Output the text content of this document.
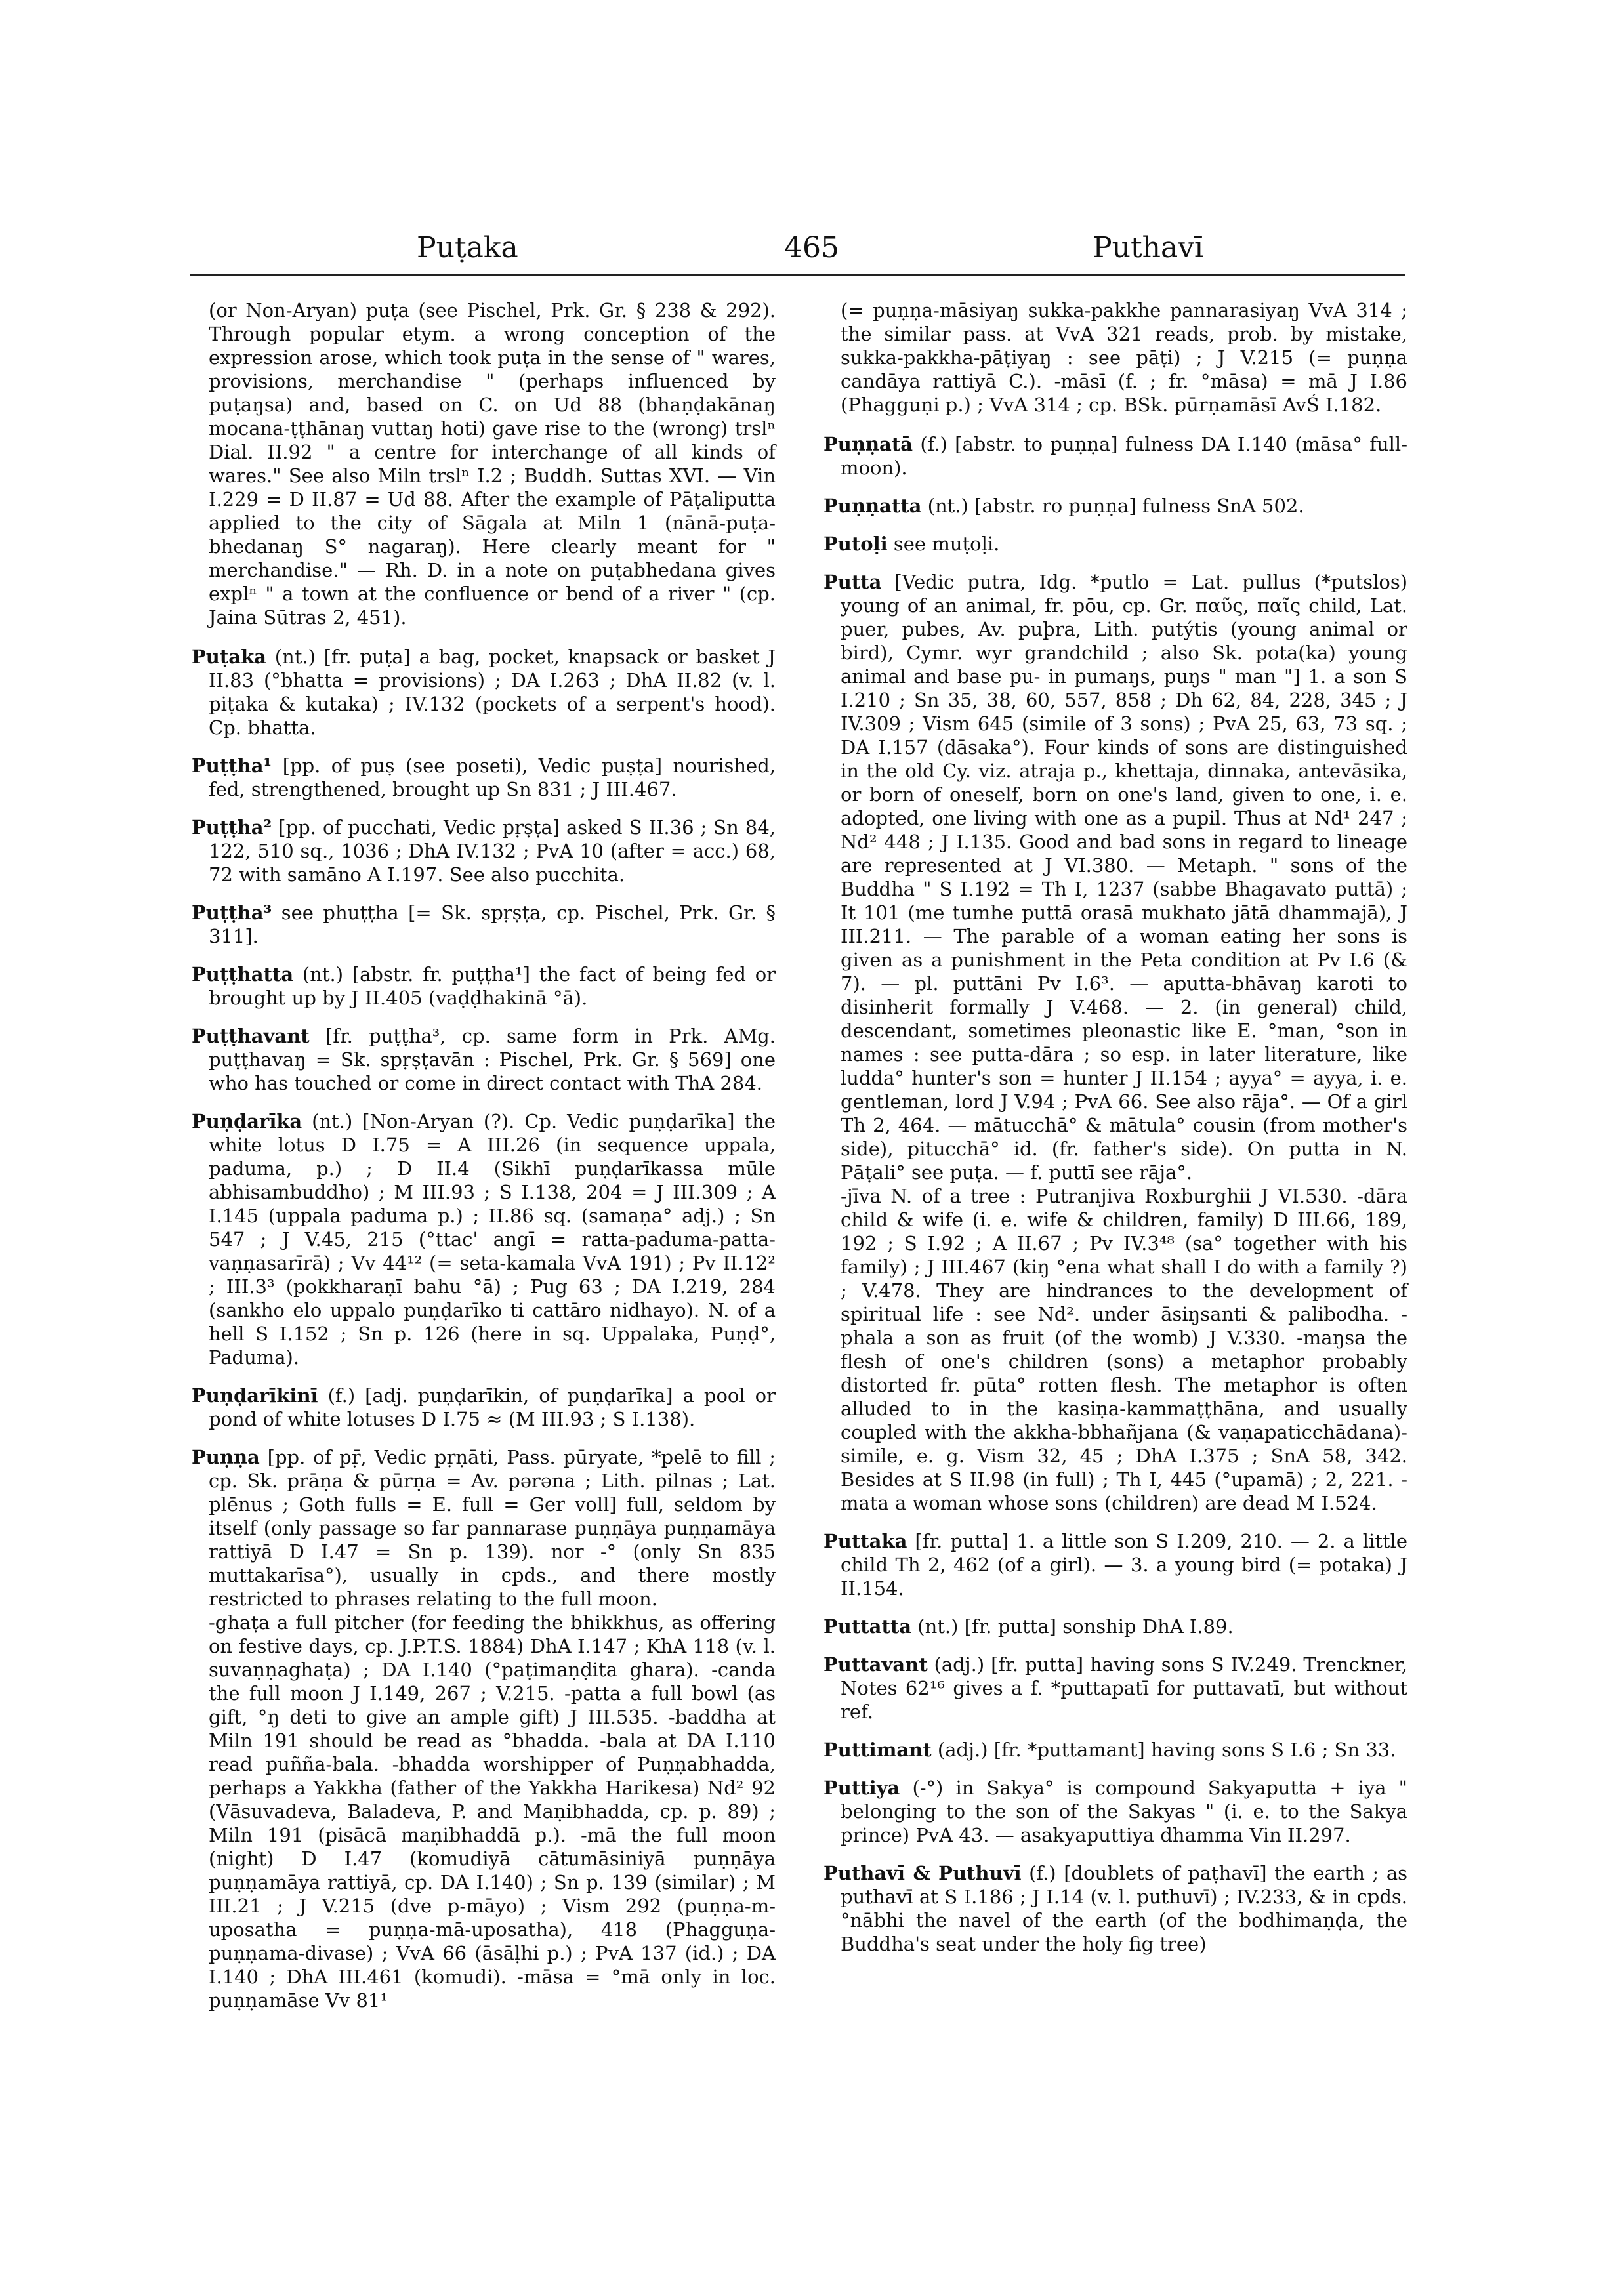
Puṭaka	465	Puthavī
(or Non-Aryan) puṭa (see Pischel, Prk. Gr. § 238 & 292). Through popular etym. a wrong conception of the expression arose, which took puṭa in the sense of " wares, provisions, merchandise " (perhaps influenced by puṭaŋsa) and, based on C. on Ud 88 (bhaṇḍakānaŋ mocana-ṭṭhānaŋ vuttaŋ hoti) gave rise to the (wrong) trslⁿ Dial. II.92 " a centre for interchange of all kinds of wares." See also Miln trslⁿ I.2 ; Buddh. Suttas XVI. — Vin I.229 = D II.87 = Ud 88. After the example of Pāṭaliputta applied to the city of Sāgala at Miln 1 (nānā-puṭa-bhedanaŋ S° nagaraŋ). Here clearly meant for " merchandise." — Rh. D. in a note on puṭabhedana gives explⁿ " a town at the confluence or bend of a river " (cp. Jaina Sūtras 2, 451).

Puṭaka (nt.) [fr. puṭa] a bag, pocket, knapsack or basket J II.83 (°bhatta = provisions) ; DA I.263 ; DhA II.82 (v. l. piṭaka & kutaka) ; IV.132 (pockets of a serpent's hood). Cp. bhatta.

Puṭṭha¹ [pp. of puṣ (see poseti), Vedic puṣṭa] nourished, fed, strengthened, brought up Sn 831 ; J III.467.

Puṭṭha² [pp. of pucchati, Vedic pṛṣṭa] asked S II.36 ; Sn 84, 122, 510 sq., 1036 ; DhA IV.132 ; PvA 10 (after = acc.) 68, 72 with samāno A I.197. See also pucchita.

Puṭṭha³ see phuṭṭha [= Sk. spṛṣṭa, cp. Pischel, Prk. Gr. § 311].

Puṭṭhatta (nt.) [abstr. fr. puṭṭha¹] the fact of being fed or brought up by J II.405 (vaḍḍhakinā °ā).

Puṭṭhavant [fr. puṭṭha³, cp. same form in Prk. AMg. puṭṭhavaŋ = Sk. spṛṣṭavān : Pischel, Prk. Gr. § 569] one who has touched or come in direct contact with ThA 284.

Puṇḍarīka (nt.) [Non-Aryan (?). Cp. Vedic puṇḍarīka] the white lotus D I.75 = A III.26 (in sequence uppala, paduma, p.) ; D II.4 (Sikhī puṇḍarīkassa mūle abhisambuddho) ; M III.93 ; S I.138, 204 = J III.309 ; A I.145 (uppala paduma p.) ; II.86 sq. (samaṇa° adj.) ; Sn 547 ; J V.45, 215 (°ttac' angī = ratta-paduma-patta-vaṇṇasarīrā) ; Vv 44¹² (= seta-kamala VvA 191) ; Pv II.12² ; III.3³ (pokkharaṇī bahu °ā) ; Pug 63 ; DA I.219, 284 (sankho elo uppalo puṇḍarīko ti cattāro nidhayo). N. of a hell S I.152 ; Sn p. 126 (here in sq. Uppalaka, Puṇḍ°, Paduma).

Puṇḍarīkinī (f.) [adj. puṇḍarīkin, of puṇḍarīka] a pool or pond of white lotuses D I.75 ≈ (M III.93 ; S I.138).

Puṇṇa [pp. of pṝ, Vedic pṛṇāti, Pass. pūryate, *pelē to fill ; cp. Sk. prāṇa & pūrṇa = Av. pərəna ; Lith. pilnas ; Lat. plēnus ; Goth fulls = E. full = Ger voll] full, seldom by itself (only passage so far pannarase puṇṇāya puṇṇamāya rattiyā D I.47 = Sn p. 139). nor -° (only Sn 835 muttakarīsa°), usually in cpds., and there mostly restricted to phrases relating to the full moon.

-ghaṭa a full pitcher (for feeding the bhikkhus, as offering on festive days, cp. J.P.T.S. 1884) DhA I.147 ; KhA 118 (v. l. suvaṇṇaghaṭa) ; DA I.140 (°paṭimaṇḍita ghara). -canda the full moon J I.149, 267 ; V.215. -patta a full bowl (as gift, °ŋ deti to give an ample gift) J III.535. -baddha at Miln 191 should be read as °bhadda. -bala at DA I.110 read puñña-bala. -bhadda worshipper of Puṇṇabhadda, perhaps a Yakkha (father of the Yakkha Harikesa) Nd² 92 (Vāsuvadeva, Baladeva, P. and Maṇibhadda, cp. p. 89) ; Miln 191 (pisācā maṇibhaddā p.). -mā the full moon (night) D I.47 (komudiyā cātumāsiniyā puṇṇāya puṇṇamāya rattiyā, cp. DA I.140) ; Sn p. 139 (similar) ; M III.21 ; J V.215 (dve p-māyo) ; Vism 292 (puṇṇa-m-uposatha = puṇṇa-mā-uposatha), 418 (Phagguṇa-puṇṇama-divase) ; VvA 66 (āsāḷhi p.) ; PvA 137 (id.) ; DA I.140 ; DhA III.461 (komudi). -māsa = °mā only in loc. puṇṇamāse Vv 81¹

(= puṇṇa-māsiyaŋ sukka-pakkhe pannarasiyaŋ VvA 314 ; the similar pass. at VvA 321 reads, prob. by mistake, sukka-pakkha-pāṭiyaŋ : see pāṭi) ; J V.215 (= puṇṇa candāya rattiyā C.). -māsī (f. ; fr. °māsa) = mā J I.86 (Phagguṇi p.) ; VvA 314 ; cp. BSk. pūrṇamāsī AvŚ I.182.

Puṇṇatā (f.) [abstr. to puṇṇa] fulness DA I.140 (māsa° full-moon).

Puṇṇatta (nt.) [abstr. ro puṇṇa] fulness SnA 502.

Putoḷi see muṭoḷi.

Putta [Vedic putra, Idg. *putlo = Lat. pullus (*putslos) young of an animal, fr. pōu, cp. Gr. παῦς, παῖς child, Lat. puer, pubes, Av. puþra, Lith. putýtis (young animal or bird), Cymr. wyr grandchild ; also Sk. pota(ka) young animal and base pu- in pumaŋs, puŋs " man "] 1. a son S I.210 ; Sn 35, 38, 60, 557, 858 ; Dh 62, 84, 228, 345 ; J IV.309 ; Vism 645 (simile of 3 sons) ; PvA 25, 63, 73 sq. ; DA I.157 (dāsaka°). Four kinds of sons are distinguished in the old Cy. viz. atraja p., khettaja, dinnaka, antevāsika, or born of oneself, born on one's land, given to one, i. e. adopted, one living with one as a pupil. Thus at Nd¹ 247 ; Nd² 448 ; J I.135. Good and bad sons in regard to lineage are represented at J VI.380. — Metaph. " sons of the Buddha " S I.192 = Th I, 1237 (sabbe Bhagavato puttā) ; It 101 (me tumhe puttā orasā mukhato jātā dhammajā), J III.211. — The parable of a woman eating her sons is given as a punishment in the Peta condition at Pv I.6 (& 7). — pl. puttāni Pv I.6³. — aputta-bhāvaŋ karoti to disinherit formally J V.468. — 2. (in general) child, descendant, sometimes pleonastic like E. °man, °son in names : see putta-dāra ; so esp. in later literature, like ludda° hunter's son = hunter J II.154 ; ayya° = ayya, i. e. gentleman, lord J V.94 ; PvA 66. See also rāja°. — Of a girl Th 2, 464. — mātucchā° & mātula° cousin (from mother's side), pitucchā° id. (fr. father's side). On putta in N. Pāṭali° see puṭa. — f. puttī see rāja°.

-jīva N. of a tree : Putranjiva Roxburghii J VI.530. -dāra child & wife (i. e. wife & children, family) D III.66, 189, 192 ; S I.92 ; A II.67 ; Pv IV.3⁴⁸ (sa° together with his family) ; J III.467 (kiŋ °ena what shall I do with a family ?) ; V.478. They are hindrances to the development of spiritual life : see Nd². under āsiŋsanti & palibodha. -phala a son as fruit (of the womb) J V.330. -maŋsa the flesh of one's children (sons) a metaphor probably distorted fr. pūta° rotten flesh. The metaphor is often alluded to in the kasiṇa-kammaṭṭhāna, and usually coupled with the akkha-bbhañjana (& vaṇapaticchādana)-simile, e. g. Vism 32, 45 ; DhA I.375 ; SnA 58, 342. Besides at S II.98 (in full) ; Th I, 445 (°upamā) ; 2, 221. -mata a woman whose sons (children) are dead M I.524.

Puttaka [fr. putta] 1. a little son S I.209, 210. — 2. a little child Th 2, 462 (of a girl). — 3. a young bird (= potaka) J II.154.

Puttatta (nt.) [fr. putta] sonship DhA I.89.

Puttavant (adj.) [fr. putta] having sons S IV.249. Trenckner, Notes 62¹⁶ gives a f. *puttapatī for puttavatī, but without ref.

Puttimant (adj.) [fr. *puttamant] having sons S I.6 ; Sn 33.

Puttiya (-°) in Sakya° is compound Sakyaputta + iya " belonging to the son of the Sakyas " (i. e. to the Sakya prince) PvA 43. — asakyaputtiya dhamma Vin II.297.

Puthavī & Puthuvī (f.) [doublets of paṭhavī] the earth ; as puthavī at S I.186 ; J I.14 (v. l. puthuvī) ; IV.233, & in cpds. °nābhi the navel of the earth (of the bodhimaṇḍa, the Buddha's seat under the holy fig tree)
